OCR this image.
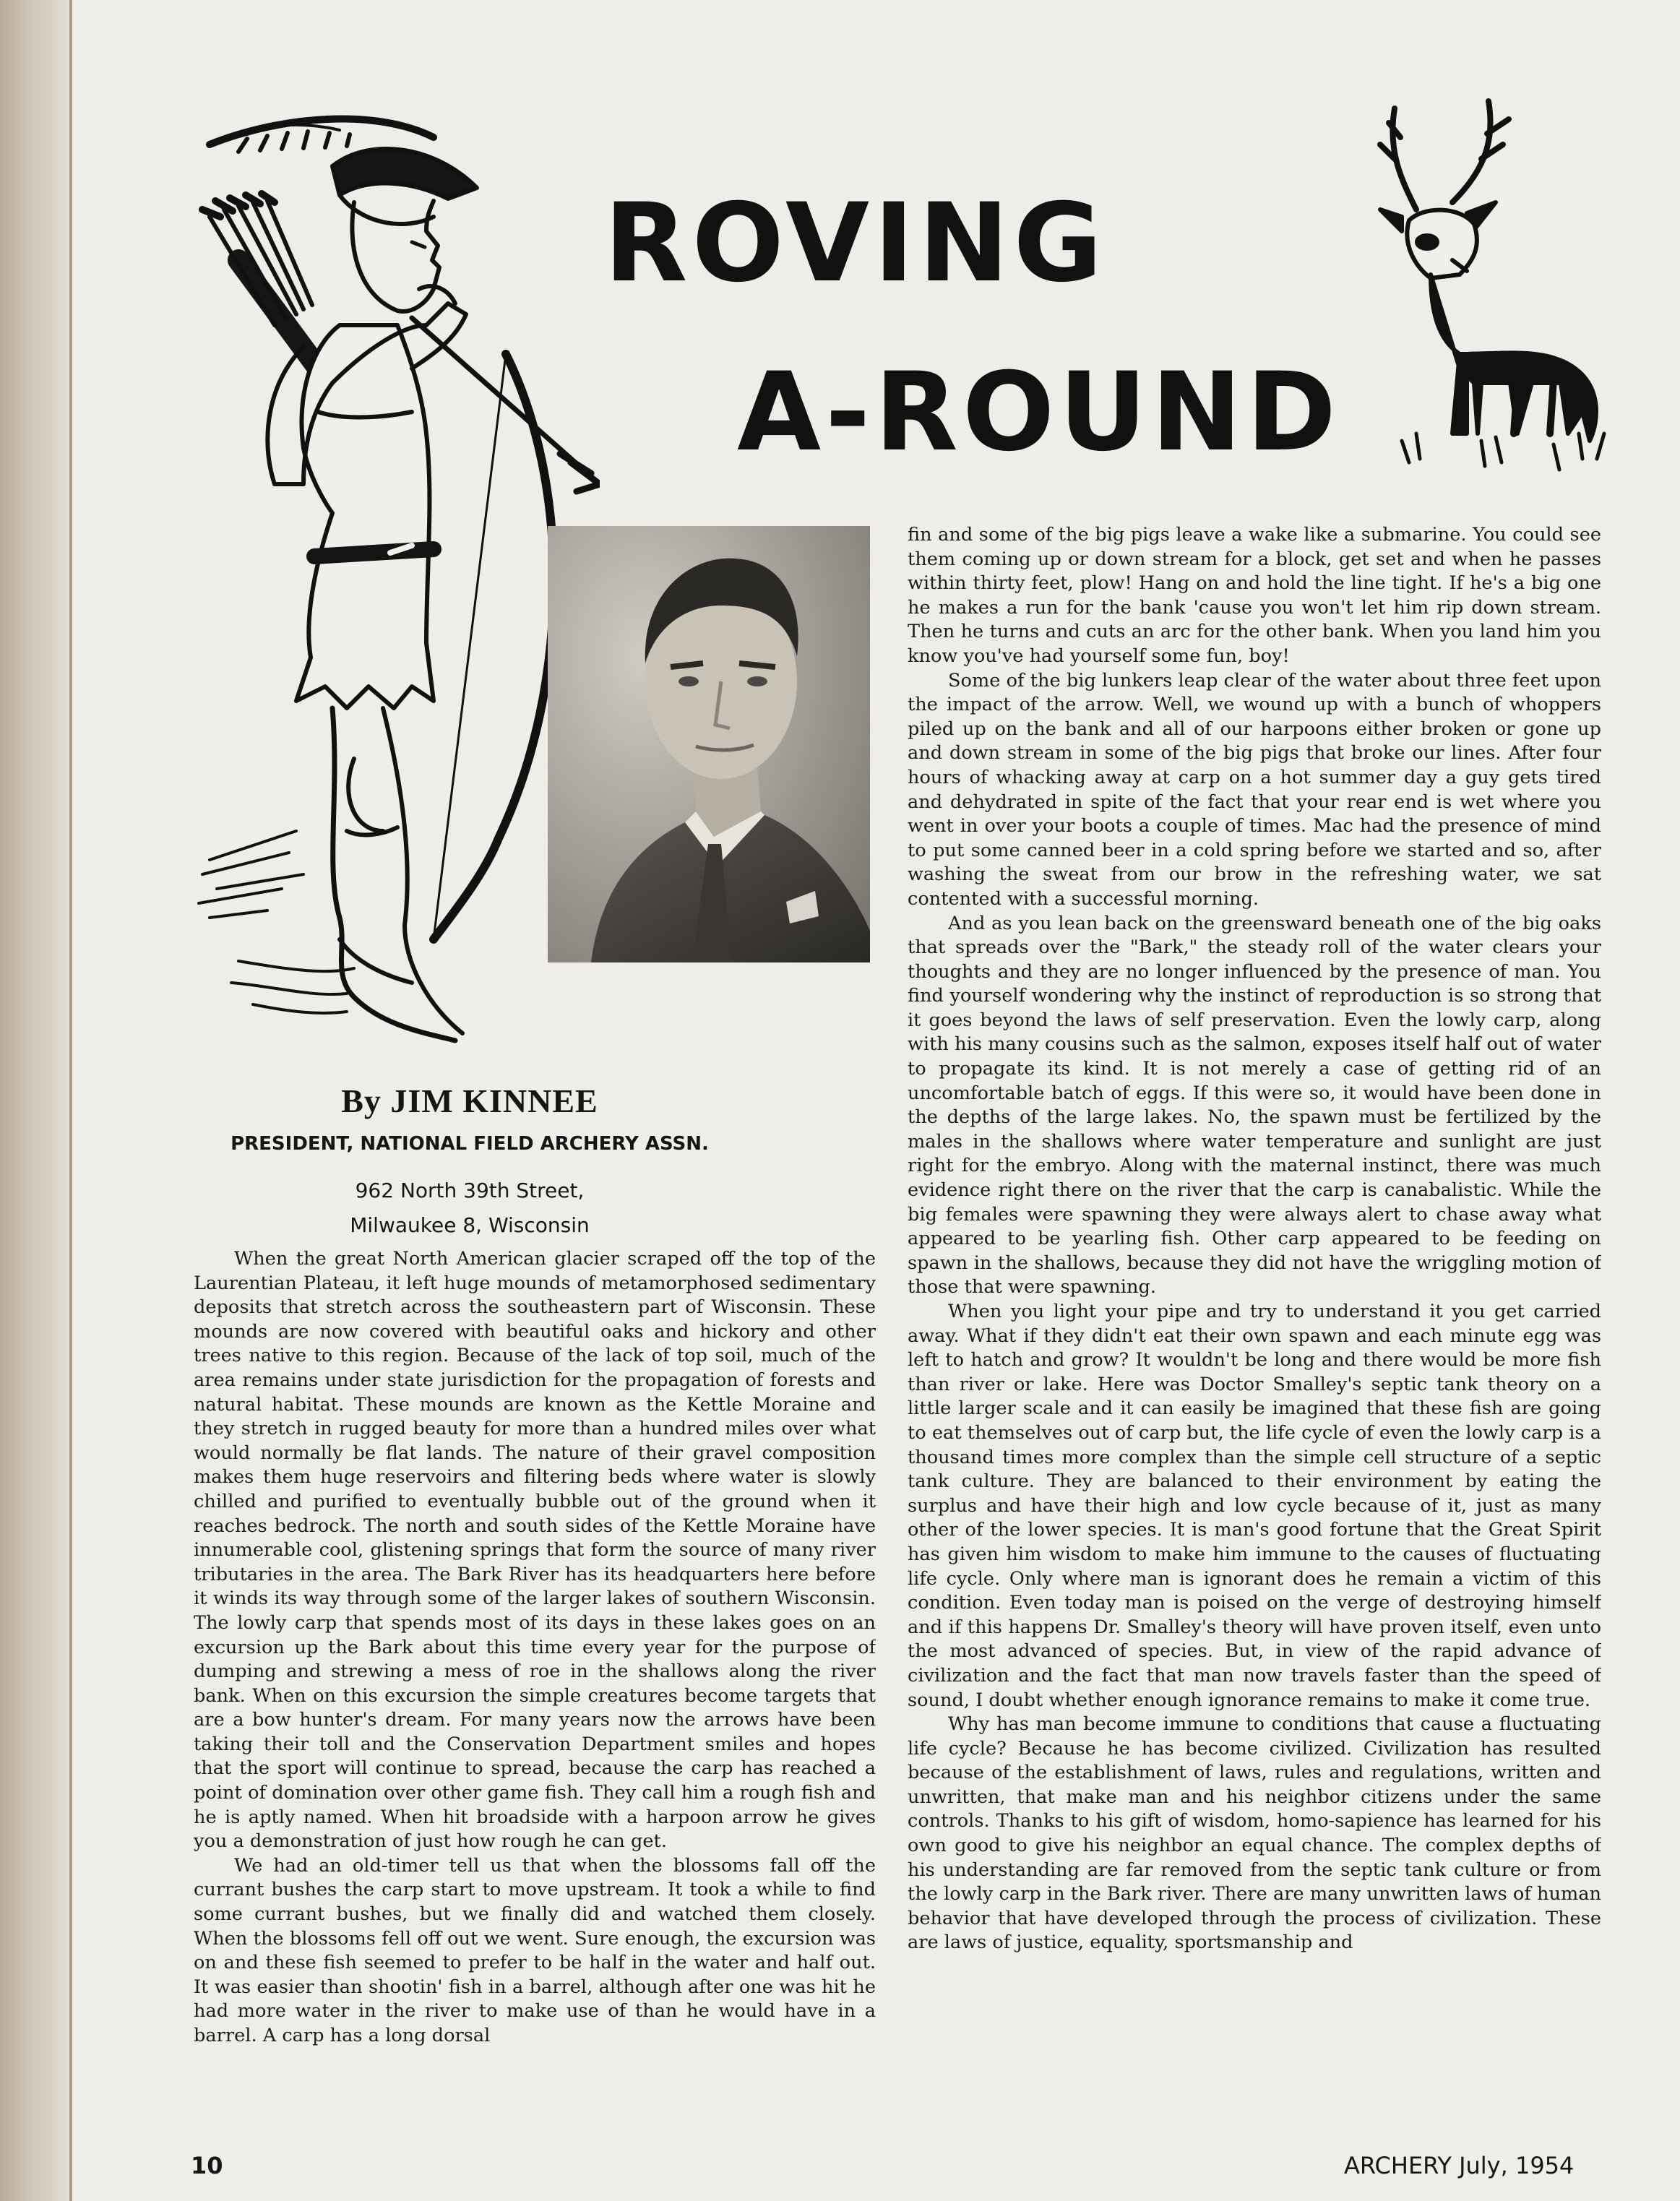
ROVING
A-ROUND
By JIM KINNEE
PRESIDENT, NATIONAL FIELD ARCHERY ASSN.
962 North 39th Street,
Milwaukee 8, Wisconsin

When the great North American glacier scraped off the top of the Laurentian Plateau, it left huge mounds of metamorphosed sedimentary deposits that stretch across the southeastern part of Wisconsin. These mounds are now covered with beautiful oaks and hickory and other trees native to this region. Because of the lack of top soil, much of the area remains under state jurisdiction for the propagation of forests and natural habitat. These mounds are known as the Kettle Moraine and they stretch in rugged beauty for more than a hundred miles over what would normally be flat lands. The nature of their gravel composition makes them huge reservoirs and filtering beds where water is slowly chilled and purified to eventually bubble out of the ground when it reaches bedrock. The north and south sides of the Kettle Moraine have innumerable cool, glistening springs that form the source of many river tributaries in the area. The Bark River has its headquarters here before it winds its way through some of the larger lakes of southern Wisconsin. The lowly carp that spends most of its days in these lakes goes on an excursion up the Bark about this time every year for the purpose of dumping and strewing a mess of roe in the shallows along the river bank. When on this excursion the simple creatures become targets that are a bow hunter's dream. For many years now the arrows have been taking their toll and the Conservation Department smiles and hopes that the sport will continue to spread, because the carp has reached a point of domination over other game fish. They call him a rough fish and he is aptly named. When hit broadside with a harpoon arrow he gives you a demonstration of just how rough he can get.

We had an old-timer tell us that when the blossoms fall off the currant bushes the carp start to move upstream. It took a while to find some currant bushes, but we finally did and watched them closely. When the blossoms fell off out we went. Sure enough, the excursion was on and these fish seemed to prefer to be half in the water and half out. It was easier than shootin' fish in a barrel, although after one was hit he had more water in the river to make use of than he would have in a barrel. A carp has a long dorsal

fin and some of the big pigs leave a wake like a submarine. You could see them coming up or down stream for a block, get set and when he passes within thirty feet, plow! Hang on and hold the line tight. If he's a big one he makes a run for the bank 'cause you won't let him rip down stream. Then he turns and cuts an arc for the other bank. When you land him you know you've had yourself some fun, boy!

Some of the big lunkers leap clear of the water about three feet upon the impact of the arrow. Well, we wound up with a bunch of whoppers piled up on the bank and all of our harpoons either broken or gone up and down stream in some of the big pigs that broke our lines. After four hours of whacking away at carp on a hot summer day a guy gets tired and dehydrated in spite of the fact that your rear end is wet where you went in over your boots a couple of times. Mac had the presence of mind to put some canned beer in a cold spring before we started and so, after washing the sweat from our brow in the refreshing water, we sat contented with a successful morning.

And as you lean back on the greensward beneath one of the big oaks that spreads over the "Bark," the steady roll of the water clears your thoughts and they are no longer influenced by the presence of man. You find yourself wondering why the instinct of reproduction is so strong that it goes beyond the laws of self preservation. Even the lowly carp, along with his many cousins such as the salmon, exposes itself half out of water to propagate its kind. It is not merely a case of getting rid of an uncomfortable batch of eggs. If this were so, it would have been done in the depths of the large lakes. No, the spawn must be fertilized by the males in the shallows where water temperature and sunlight are just right for the embryo. Along with the maternal instinct, there was much evidence right there on the river that the carp is canabalistic. While the big females were spawning they were always alert to chase away what appeared to be yearling fish. Other carp appeared to be feeding on spawn in the shallows, because they did not have the wriggling motion of those that were spawning.

When you light your pipe and try to understand it you get carried away. What if they didn't eat their own spawn and each minute egg was left to hatch and grow? It wouldn't be long and there would be more fish than river or lake. Here was Doctor Smalley's septic tank theory on a little larger scale and it can easily be imagined that these fish are going to eat themselves out of carp but, the life cycle of even the lowly carp is a thousand times more complex than the simple cell structure of a septic tank culture. They are balanced to their environment by eating the surplus and have their high and low cycle because of it, just as many other of the lower species. It is man's good fortune that the Great Spirit has given him wisdom to make him immune to the causes of fluctuating life cycle. Only where man is ignorant does he remain a victim of this condition. Even today man is poised on the verge of destroying himself and if this happens Dr. Smalley's theory will have proven itself, even unto the most advanced of species. But, in view of the rapid advance of civilization and the fact that man now travels faster than the speed of sound, I doubt whether enough ignorance remains to make it come true.

Why has man become immune to conditions that cause a fluctuating life cycle? Because he has become civilized. Civilization has resulted because of the establishment of laws, rules and regulations, written and unwritten, that make man and his neighbor citizens under the same controls. Thanks to his gift of wisdom, homo-sapience has learned for his own good to give his neighbor an equal chance. The complex depths of his understanding are far removed from the septic tank culture or from the lowly carp in the Bark river. There are many unwritten laws of human behavior that have developed through the process of civilization. These are laws of justice, equality, sportsmanship and

10	ARCHERY July, 1954
